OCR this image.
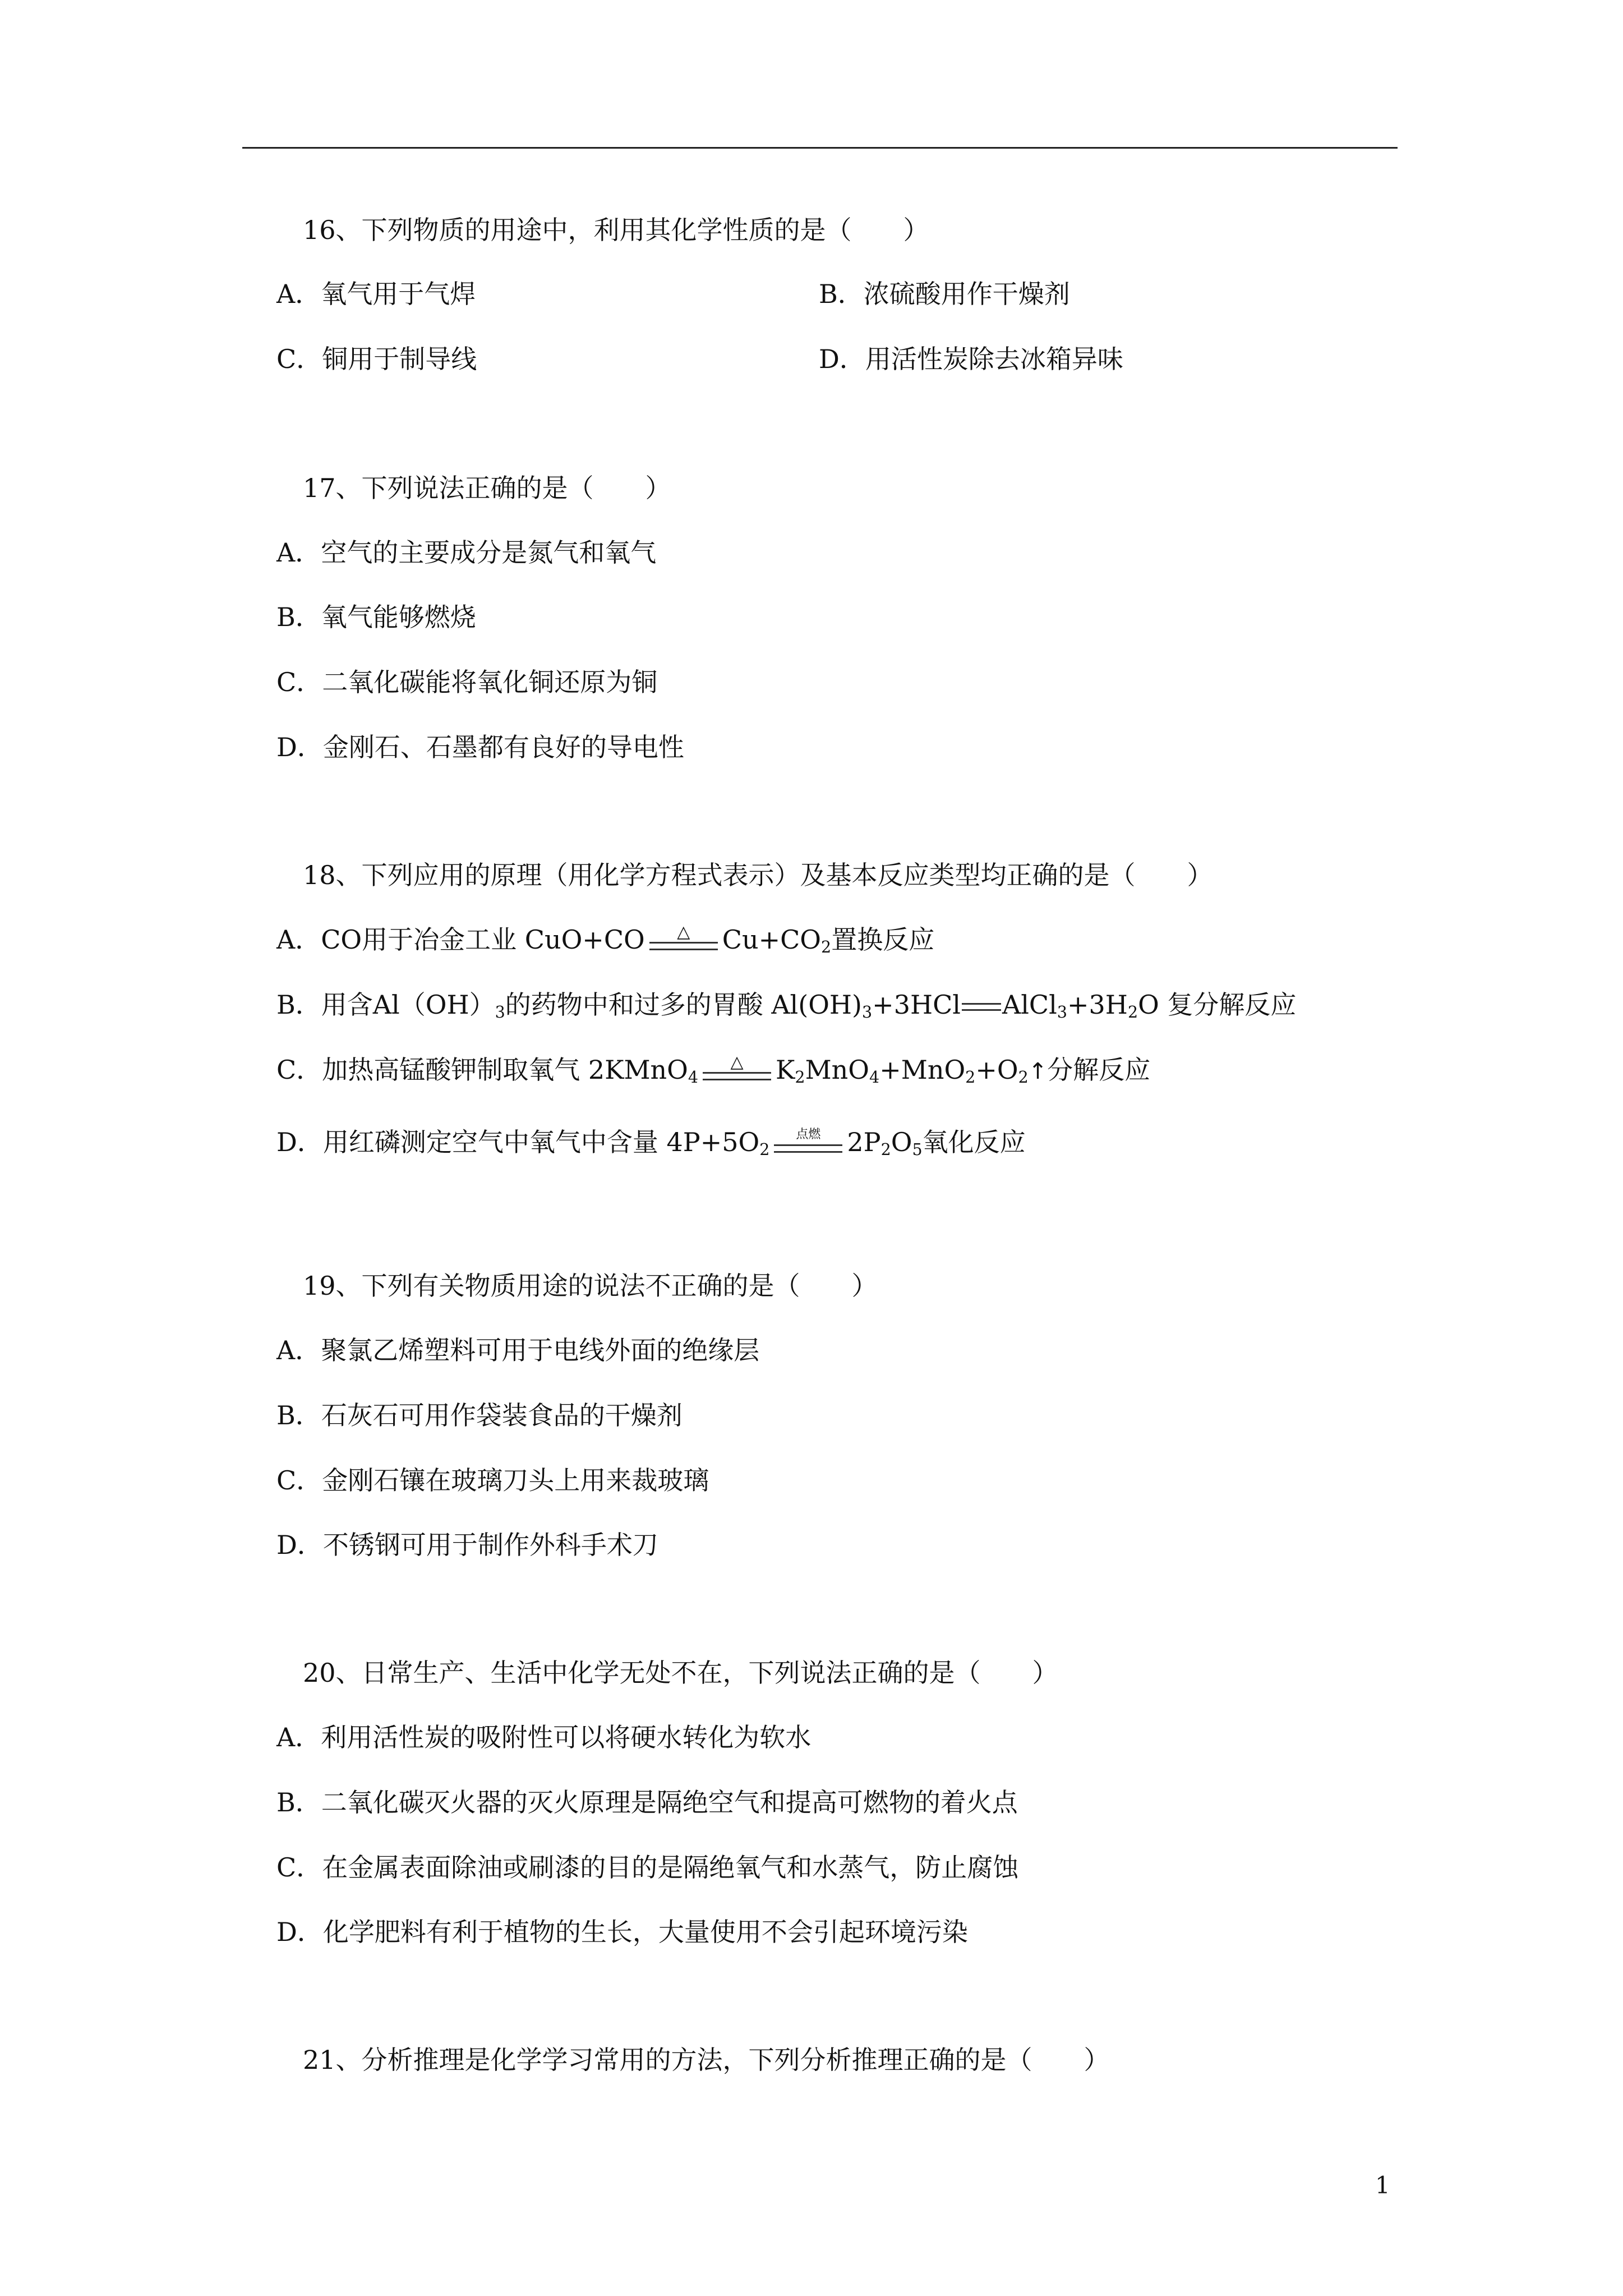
16、下列物质的用途中，利用其化学性质的是（　　）
A．氧气用于气焊	B．浓硫酸用作干燥剂
C．铜用于制导线	D．用活性炭除去冰箱异味
17、下列说法正确的是（　　）
A．空气的主要成分是氮气和氧气
B．氧气能够燃烧
C．二氧化碳能将氧化铜还原为铜
D．金刚石、石墨都有良好的导电性
18、下列应用的原理（用化学方程式表示）及基本反应类型均正确的是（　　）
A．CO用于冶金工业 CuO+CO △ $Cu+CO_2$置换反应
B．用含$Al(OH)_3$的药物中和过多的胃酸 $Al(OH)_3+3HCl$ $AlCl_3+3H_2O$ 复分解反应
C．加热高锰酸钾制取氧气 2KMnO$_4$
△ $K_2MnO_4+MnO_2+O_2↑$分解反应
D．用红磷测定空气中氧气中含量 $4P+5O_2$
点燃 $2P_2O_5$氧化反应
19、下列有关物质用途的说法不正确的是（　　）
A．聚氯乙烯塑料可用于电线外面的绝缘层
B．石灰石可用作袋装食品的干燥剂
C．金刚石镶在玻璃刀头上用来裁玻璃
D．不锈钢可用于制作外科手术刀
20、日常生产、生活中化学无处不在，下列说法正确的是（　　）
A．利用活性炭的吸附性可以将硬水转化为软水
B．二氧化碳灭火器的灭火原理是隔绝空气和提高可燃物的着火点
C．在金属表面除油或刷漆的目的是隔绝氧气和水蒸气，防止腐蚀
D．化学肥料有利于植物的生长，大量使用不会引起环境污染
21、分析推理是化学学习常用的方法，下列分析推理正确的是（　　）
1
